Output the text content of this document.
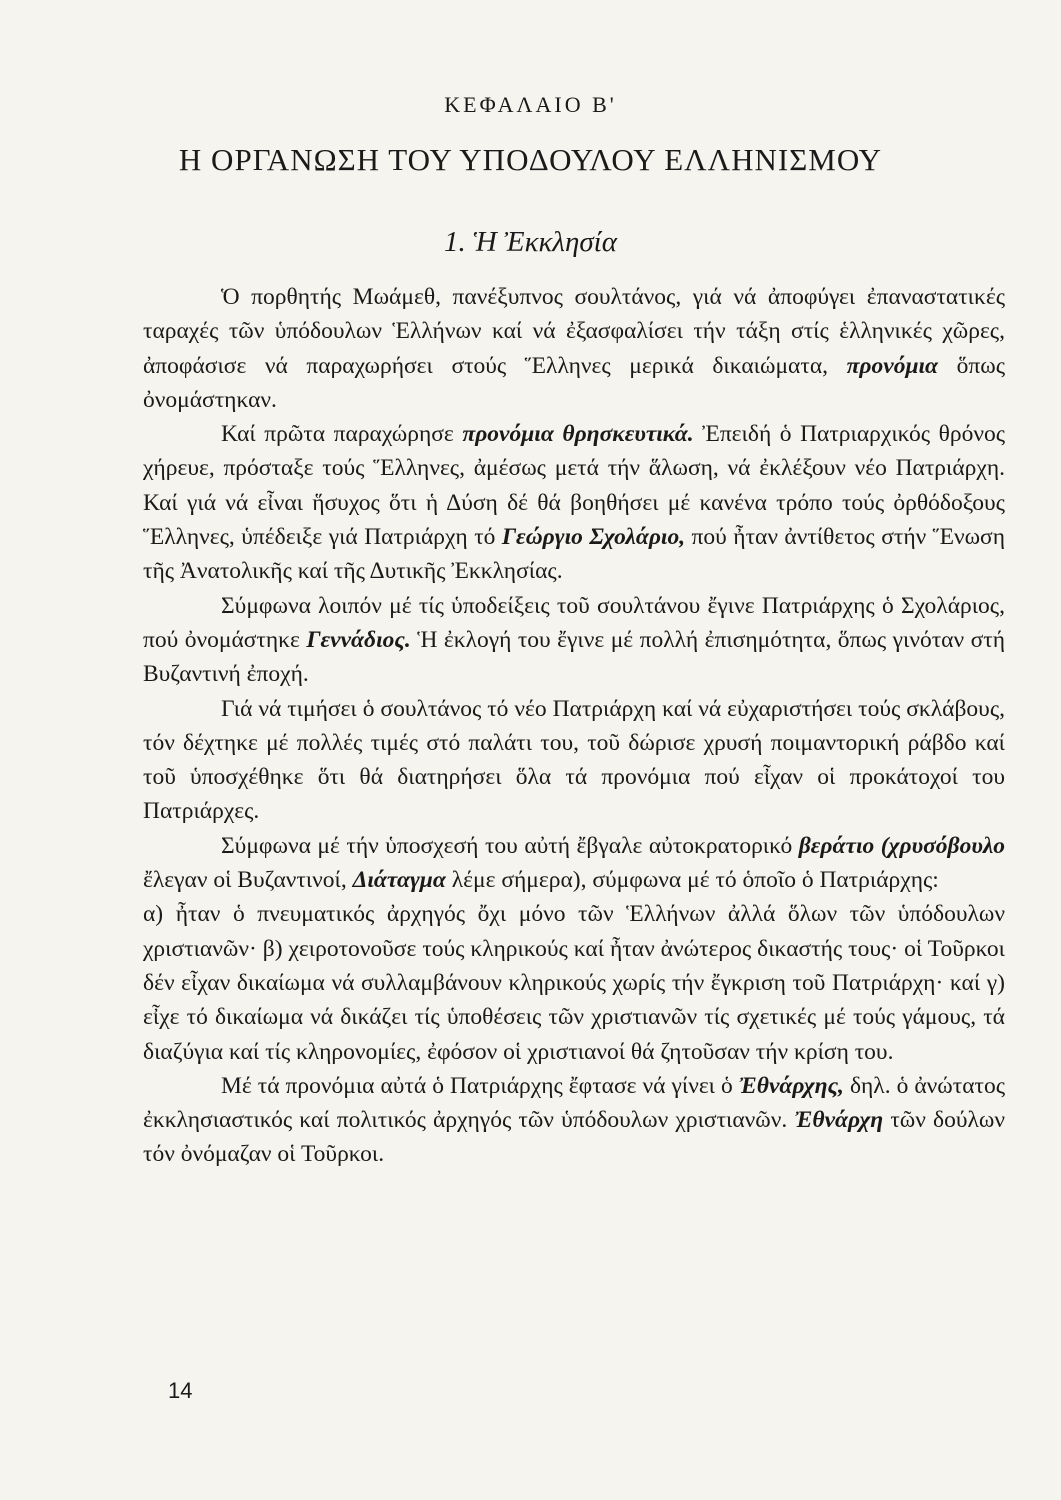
ΚΕΦΑΛΑΙΟ Β'
Η ΟΡΓΑΝΩΣΗ ΤΟΥ ΥΠΟΔΟΥΛΟΥ ΕΛΛΗΝΙΣΜΟΥ
1. Ἡ Ἐκκλησία

Ὁ πορθητής Μωάμεθ, πανέξυπνος σουλτάνος, γιά νά ἀποφύγει ἐπαναστατικές ταραχές τῶν ὑπόδουλων Ἑλλήνων καί νά ἐξασφαλίσει τήν τάξη στίς ἑλληνικές χῶρες, ἀποφάσισε νά παραχωρήσει στούς Ἕλληνες μερικά δικαιώματα, προνόμια ὅπως ὀνομάστηκαν.

Καί πρῶτα παραχώρησε προνόμια θρησκευτικά. Ἐπειδή ὁ Πατριαρχικός θρόνος χήρευε, πρόσταξε τούς Ἕλληνες, ἀμέσως μετά τήν ἅλωση, νά ἐκλέξουν νέο Πατριάρχη. Καί γιά νά εἶναι ἥσυχος ὅτι ἡ Δύση δέ θά βοηθήσει μέ κανένα τρόπο τούς ὀρθόδοξους Ἕλληνες, ὑπέδειξε γιά Πατριάρχη τό Γεώργιο Σχολάριο, πού ἦταν ἀντίθετος στήν Ἕνωση τῆς Ἀνατολικῆς καί τῆς Δυτικῆς Ἐκκλησίας.

Σύμφωνα λοιπόν μέ τίς ὑποδείξεις τοῦ σουλτάνου ἔγινε Πατριάρχης ὁ Σχολάριος, πού ὀνομάστηκε Γεννάδιος. Ἡ ἐκλογή του ἔγινε μέ πολλή ἐπισημότητα, ὅπως γινόταν στή Βυζαντινή ἐποχή.

Γιά νά τιμήσει ὁ σουλτάνος τό νέο Πατριάρχη καί νά εὐχαριστήσει τούς σκλάβους, τόν δέχτηκε μέ πολλές τιμές στό παλάτι του, τοῦ δώρισε χρυσή ποιμαντορική ράβδο καί τοῦ ὑποσχέθηκε ὅτι θά διατηρήσει ὅλα τά προνόμια πού εἶχαν οἱ προκάτοχοί του Πατριάρχες.

Σύμφωνα μέ τήν ὑποσχεσή του αὐτή ἔβγαλε αὐτοκρατορικό βεράτιο (χρυσόβουλο ἔλεγαν οἱ Βυζαντινοί, Διάταγμα λέμε σήμερα), σύμφωνα μέ τό ὁποῖο ὁ Πατριάρχης:

α) ἦταν ὁ πνευματικός ἀρχηγός ὄχι μόνο τῶν Ἑλλήνων ἀλλά ὅλων τῶν ὑπόδουλων χριστιανῶν· β) χειροτονοῦσε τούς κληρικούς καί ἦταν ἀνώτερος δικαστής τους· οἱ Τοῦρκοι δέν εἶχαν δικαίωμα νά συλλαμβάνουν κληρικούς χωρίς τήν ἔγκριση τοῦ Πατριάρχη· καί γ) εἶχε τό δικαίωμα νά δικάζει τίς ὑποθέσεις τῶν χριστιανῶν τίς σχετικές μέ τούς γάμους, τά διαζύγια καί τίς κληρονομίες, ἐφόσον οἱ χριστιανοί θά ζητοῦσαν τήν κρίση του.

Μέ τά προνόμια αὐτά ὁ Πατριάρχης ἔφτασε νά γίνει ὁ Ἐθνάρχης, δηλ. ὁ ἀνώτατος ἐκκλησιαστικός καί πολιτικός ἀρχηγός τῶν ὑπόδουλων χριστιανῶν. Ἐθνάρχη τῶν δούλων τόν ὀνόμαζαν οἱ Τοῦρκοι.

14
